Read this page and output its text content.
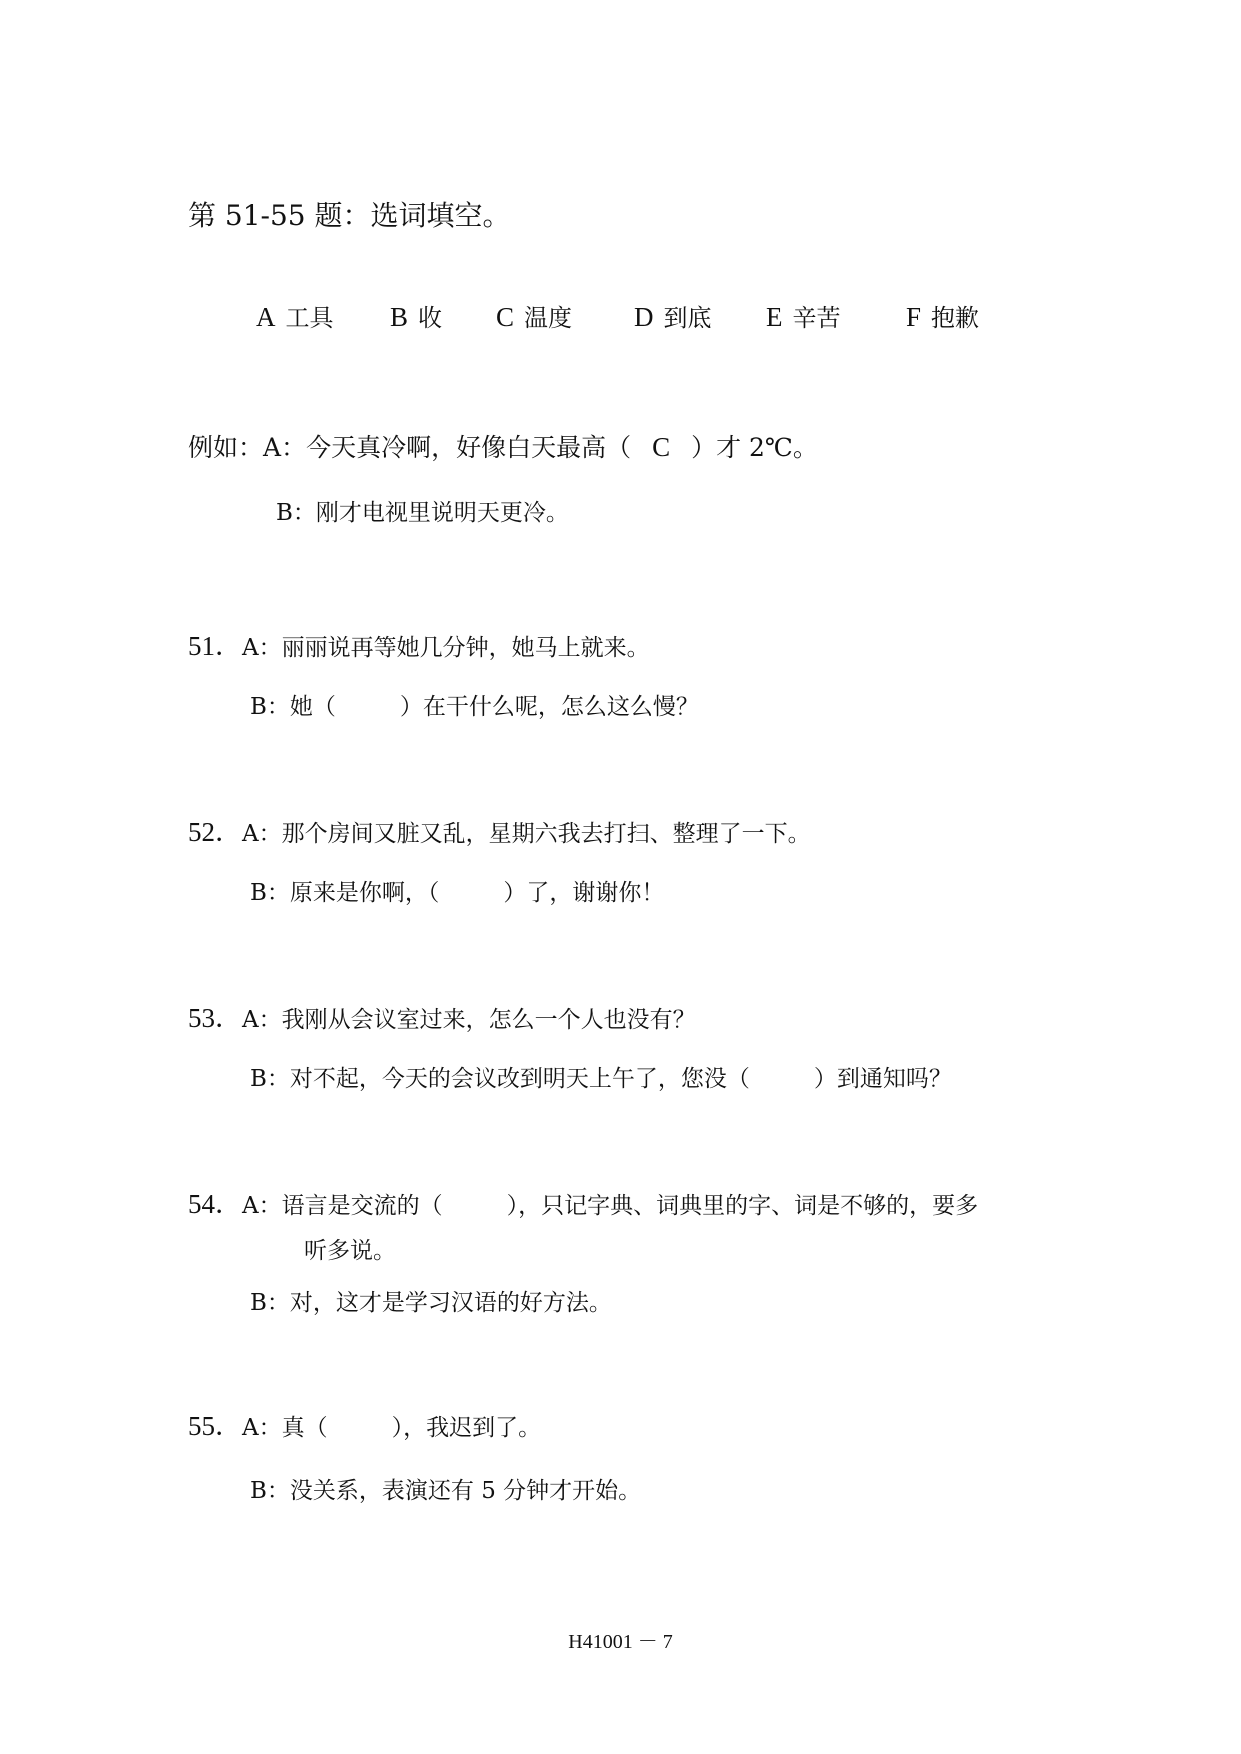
第 51-55 题：选词填空。
A 工具 B 收 C 温度 D 到底 E 辛苦 F 抱歉
例如：A：今天真冷啊，好像白天最高（ C ）才 2℃。
B：刚才电视里说明天更冷。
51．A：丽丽说再等她几分钟，她马上就来。
B：她（	）在干什么呢，怎么这么慢？
52．A：那个房间又脏又乱，星期六我去打扫、整理了一下。
B：原来是你啊，（	）了，谢谢你！
53．A：我刚从会议室过来，怎么一个人也没有？
B：对不起，今天的会议改到明天上午了，您没（	）到通知吗？
54．A：语言是交流的（	），只记字典、词典里的字、词是不够的，要多
听多说。
B：对，这才是学习汉语的好方法。
55．A：真（	），我迟到了。
B：没关系，表演还有 5 分钟才开始。
H41001 － 7
